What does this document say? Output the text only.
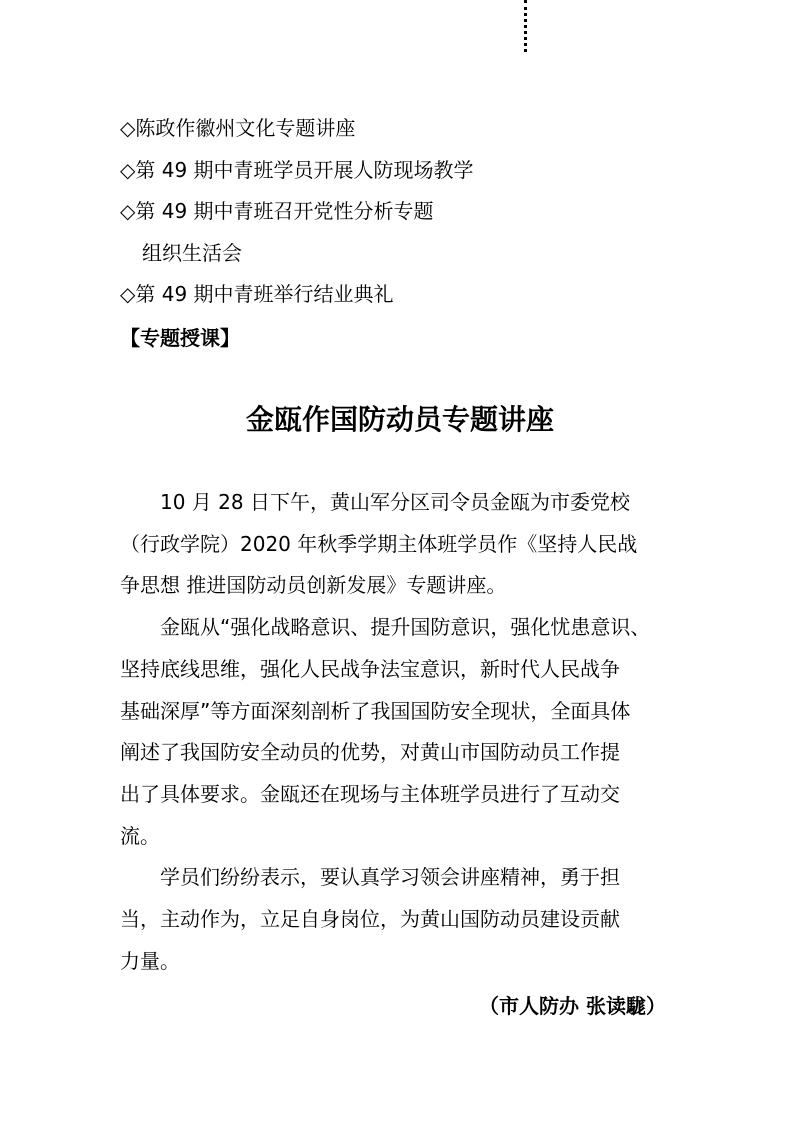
◇陈政作徽州文化专题讲座
◇第 49 期中青班学员开展人防现场教学
◇第 49 期中青班召开党性分析专题
组织生活会
◇第 49 期中青班举行结业典礼
【专题授课】
金瓯作国防动员专题讲座

　　10 月 28 日下午，黄山军分区司令员金瓯为市委党校
（行政学院）2020 年秋季学期主体班学员作《坚持人民战
争思想 推进国防动员创新发展》专题讲座。

　　金瓯从“强化战略意识、提升国防意识，强化忧患意识、
坚持底线思维，强化人民战争法宝意识，新时代人民战争
基础深厚”等方面深刻剖析了我国国防安全现状，全面具体
阐述了我国防安全动员的优势，对黄山市国防动员工作提
出了具体要求。金瓯还在现场与主体班学员进行了互动交
流。

　　学员们纷纷表示，要认真学习领会讲座精神，勇于担
当，主动作为，立足自身岗位，为黄山国防动员建设贡献
力量。

（市人防办 张读駹）
